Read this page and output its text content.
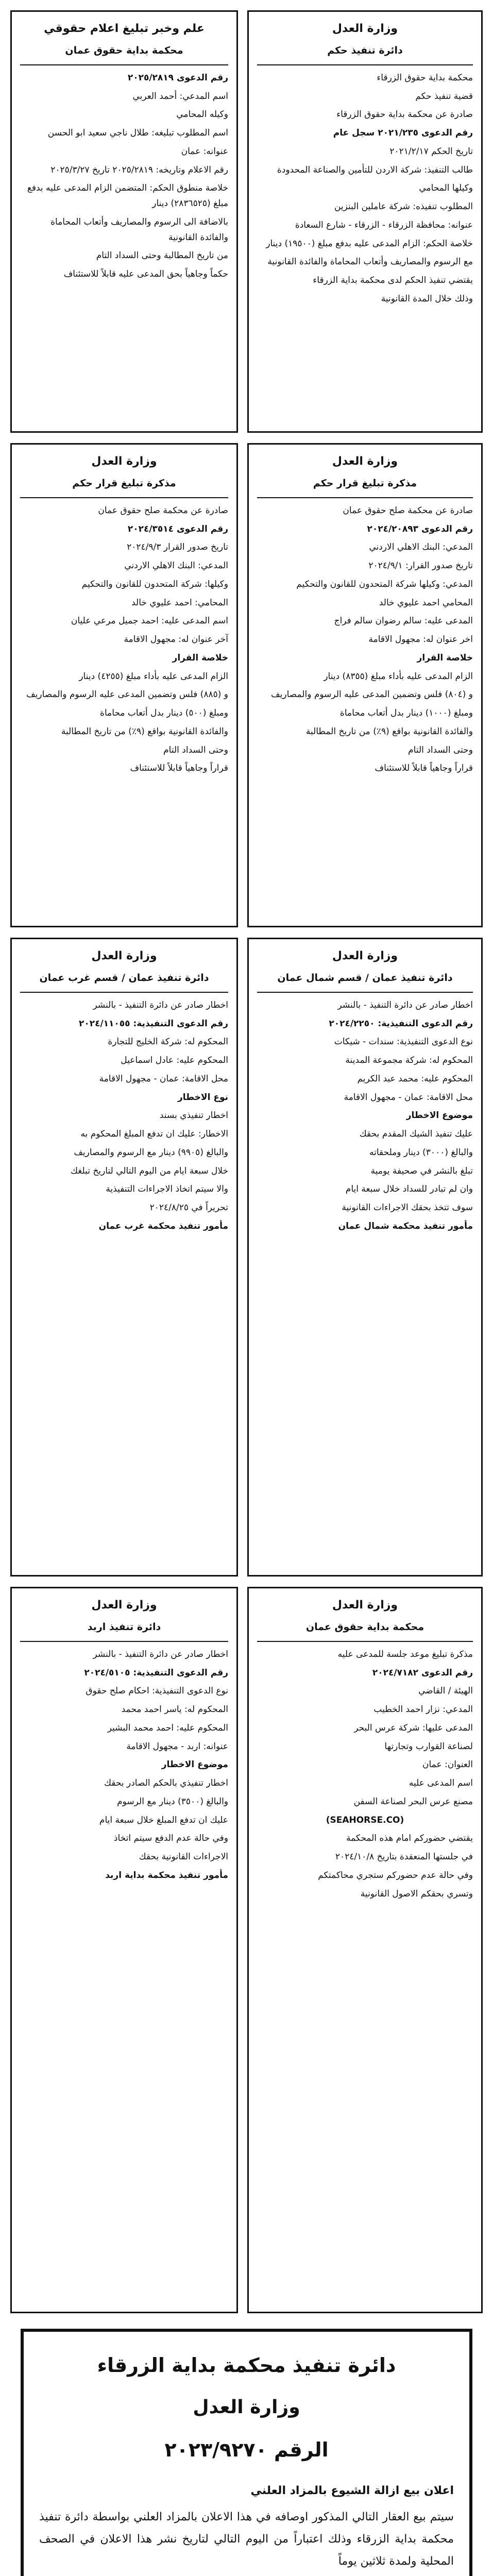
وزارة العدل

دائرة تنفيذ حكم

محكمة بداية حقوق الزرقاء

قضية تنفيذ حكم

صادرة عن محكمة بداية حقوق الزرقاء

رقم الدعوى ٢٠٢١/٢٣٥ سجل عام

تاريخ الحكم ٢٠٢١/٢/١٧

طالب التنفيذ: شركة الاردن للتأمين والصناعة المحدودة

وكيلها المحامي

المطلوب تنفيذه: شركة عاملين البنزين

عنوانه: محافظة الزرقاء - الزرقاء - شارع السعادة

خلاصة الحكم: الزام المدعى عليه بدفع مبلغ (١٩٥٠٠) دينار

مع الرسوم والمصاريف وأتعاب المحاماة والفائدة القانونية

يقتضي تنفيذ الحكم لدى محكمة بداية الزرقاء

وذلك خلال المدة القانونية

علم وخبر تبليغ اعلام حقوقي

محكمة بداية حقوق عمان

رقم الدعوى ٢٠٢٥/٢٨١٩

اسم المدعي: أحمد العربي

وكيله المحامي

اسم المطلوب تبليغه: طلال ناجي سعيد ابو الحسن

عنوانه: عمان

رقم الاعلام وتاريخه: ٢٠٢٥/٢٨١٩ تاريخ ٢٠٢٥/٣/٢٧

خلاصة منطوق الحكم: المتضمن الزام المدعى عليه بدفع مبلغ (٢٨٣٦٥٢٥) دينار

بالاضافة الى الرسوم والمصاريف وأتعاب المحاماة والفائدة القانونية

من تاريخ المطالبة وحتى السداد التام

حكماً وجاهياً بحق المدعى عليه قابلاً للاستئناف

وزارة العدل

مذكرة تبليغ قرار حكم

صادرة عن محكمة صلح حقوق عمان

رقم الدعوى ٢٠٢٤/٢٠٨٩٣

المدعي: البنك الاهلي الاردني

تاريخ صدور القرار: ٢٠٢٤/٩/١

المدعي: وكيلها شركة المتحدون للقانون والتحكيم

المحامي احمد عليوي خالد

المدعى عليه: سالم رضوان سالم فراج

اخر عنوان له: مجهول الاقامة

خلاصة القرار

الزام المدعى عليه بأداء مبلغ (٨٣٥٥) دينار

و (٨٠٤) فلس وتضمين المدعى عليه الرسوم والمصاريف

ومبلغ (١٠٠٠) دينار بدل أتعاب محاماة

والفائدة القانونية بواقع (٩٪) من تاريخ المطالبة

وحتى السداد التام

قراراً وجاهياً قابلاً للاستئناف

وزارة العدل

مذكرة تبليغ قرار حكم

صادرة عن محكمة صلح حقوق عمان

رقم الدعوى ٢٠٢٤/٣٥١٤

تاريخ صدور القرار ٢٠٢٤/٩/٣

المدعي: البنك الاهلي الاردني

وكيلها: شركة المتحدون للقانون والتحكيم

المحامي: احمد عليوي خالد

اسم المدعى عليه: احمد جميل مرعي عليان

آخر عنوان له: مجهول الاقامة

خلاصة القرار

الزام المدعى عليه بأداء مبلغ (٤٢٥٥) دينار

و (٨٨٥) فلس وتضمين المدعى عليه الرسوم والمصاريف

ومبلغ (٥٠٠) دينار بدل أتعاب محاماة

والفائدة القانونية بواقع (٩٪) من تاريخ المطالبة

وحتى السداد التام

قراراً وجاهياً قابلاً للاستئناف

وزارة العدل

دائرة تنفيذ عمان / قسم شمال عمان

اخطار صادر عن دائرة التنفيذ - بالنشر

رقم الدعوى التنفيذية: ٢٠٢٤/٢٢٥٠

نوع الدعوى التنفيذية: سندات - شيكات

المحكوم له: شركة مجموعة المدينة

المحكوم عليه: محمد عبد الكريم

محل الاقامة: عمان - مجهول الاقامة

موضوع الاخطار

عليك تنفيذ الشيك المقدم بحقك

والبالغ (٣٠٠٠) دينار وملحقاته

تبلغ بالنشر في صحيفة يومية

وان لم تبادر للسداد خلال سبعة ايام

سوف تتخذ بحقك الاجراءات القانونية

مأمور تنفيذ محكمة شمال عمان

وزارة العدل

دائرة تنفيذ عمان / قسم غرب عمان

اخطار صادر عن دائرة التنفيذ - بالنشر

رقم الدعوى التنفيذية: ٢٠٢٤/١١٠٥٥

المحكوم له: شركة الخليج للتجارة

المحكوم عليه: عادل اسماعيل

محل الاقامة: عمان - مجهول الاقامة

نوع الاخطار

اخطار تنفيذي بسند

الاخطار: عليك ان تدفع المبلغ المحكوم به

والبالغ (٩٩٠٥) دينار مع الرسوم والمصاريف

خلال سبعة ايام من اليوم التالي لتاريخ تبلغك

والا سيتم اتخاذ الاجراءات التنفيذية

تحريراً في ٢٠٢٤/٨/٢٥

مأمور تنفيذ محكمة غرب عمان

وزارة العدل

محكمة بداية حقوق عمان

مذكرة تبليغ موعد جلسة للمدعى عليه

رقم الدعوى ٢٠٢٤/٧١٨٢

الهيئة / القاضي

المدعي: نزار احمد الخطيب

المدعى عليها: شركة عرس البحر

لصناعة القوارب وتجارتها

العنوان: عمان

اسم المدعى عليه

مصنع عرس البحر لصناعة السفن

(SEAHORSE.CO)

يقتضي حضوركم امام هذه المحكمة

في جلستها المنعقدة بتاريخ ٢٠٢٤/١٠/٨

وفي حالة عدم حضوركم ستجري محاكمتكم

وتسري بحقكم الاصول القانونية

وزارة العدل

دائرة تنفيذ اربد

اخطار صادر عن دائرة التنفيذ - بالنشر

رقم الدعوى التنفيذية: ٢٠٢٤/٥١٠٥

نوع الدعوى التنفيذية: احكام صلح حقوق

المحكوم له: ياسر احمد محمد

المحكوم عليه: احمد محمد البشير

عنوانه: اربد - مجهول الاقامة

موضوع الاخطار

اخطار تنفيذي بالحكم الصادر بحقك

والبالغ (٣٥٠٠) دينار مع الرسوم

عليك ان تدفع المبلغ خلال سبعة ايام

وفي حالة عدم الدفع سيتم اتخاذ

الاجراءات القانونية بحقك

مأمور تنفيذ محكمة بداية اربد

دائرة تنفيذ محكمة بداية الزرقاء

وزارة العدل

الرقم ٢٠٢٣/٩٢٧٠

اعلان بيع ازالة الشيوع بالمزاد العلني

سيتم بيع العقار التالي المذكور اوصافه في هذا الاعلان بالمزاد العلني بواسطة دائرة تنفيذ محكمة بداية الزرقاء وذلك اعتباراً من اليوم التالي لتاريخ نشر هذا الاعلان في الصحف المحلية ولمدة ثلاثين يوماً
